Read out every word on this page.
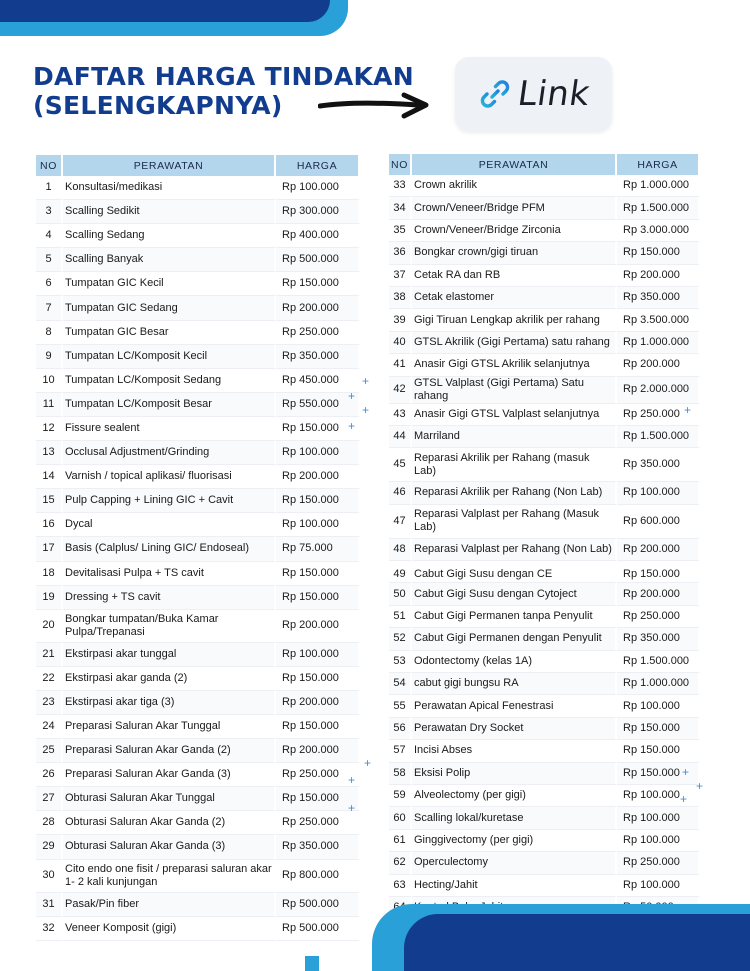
DAFTAR HARGA TINDAKAN
(SELENGKAPNYA)	Link
NO	PERAWATAN	HARGA
1	Konsultasi/medikasi	Rp 100.000
3	Scalling Sedikit	Rp 300.000
4	Scalling Sedang	Rp 400.000
5	Scalling Banyak	Rp 500.000
6	Tumpatan GIC Kecil	Rp 150.000
7	Tumpatan GIC Sedang	Rp 200.000
8	Tumpatan GIC Besar	Rp 250.000
9	Tumpatan LC/Komposit Kecil	Rp 350.000
10	Tumpatan LC/Komposit Sedang	Rp 450.000
11	Tumpatan LC/Komposit Besar	Rp 550.000
12	Fissure sealent	Rp 150.000
13	Occlusal Adjustment/Grinding	Rp 100.000
14	Varnish / topical aplikasi/ fluorisasi	Rp 200.000
15	Pulp Capping + Lining GIC + Cavit	Rp 150.000
16	Dycal	Rp 100.000
17	Basis (Calplus/ Lining GIC/ Endoseal)	Rp 75.000
18	Devitalisasi Pulpa + TS cavit	Rp 150.000
19	Dressing + TS cavit	Rp 150.000
20	Bongkar tumpatan/Buka Kamar Pulpa/Trepanasi	Rp 200.000
21	Ekstirpasi akar tunggal	Rp 100.000
22	Ekstirpasi akar ganda (2)	Rp 150.000
23	Ekstirpasi akar tiga (3)	Rp 200.000
24	Preparasi Saluran Akar Tunggal	Rp 150.000
25	Preparasi Saluran Akar Ganda (2)	Rp 200.000
26	Preparasi Saluran Akar Ganda (3)	Rp 250.000
27	Obturasi Saluran Akar Tunggal	Rp 150.000
28	Obturasi Saluran Akar Ganda (2)	Rp 250.000
29	Obturasi Saluran Akar Ganda (3)	Rp 350.000
30	Cito endo one fisit / preparasi saluran akar 1- 2 kali kunjungan	Rp 800.000
31	Pasak/Pin fiber	Rp 500.000
32	Veneer Komposit (gigi)	Rp 500.000
NO	PERAWATAN	HARGA
33	Crown akrilik	Rp 1.000.000
34	Crown/Veneer/Bridge PFM	Rp 1.500.000
35	Crown/Veneer/Bridge Zirconia	Rp 3.000.000
36	Bongkar crown/gigi tiruan	Rp 150.000
37	Cetak RA dan RB	Rp 200.000
38	Cetak elastomer	Rp 350.000
39	Gigi Tiruan Lengkap akrilik per rahang	Rp 3.500.000
40	GTSL Akrilik (Gigi Pertama) satu rahang	Rp 1.000.000
41	Anasir Gigi GTSL Akrilik selanjutnya	Rp 200.000
42	GTSL Valplast (Gigi Pertama) Satu rahang	Rp 2.000.000
43	Anasir Gigi GTSL Valplast selanjutnya	Rp 250.000
44	Marriland	Rp 1.500.000
45	Reparasi Akrilik per Rahang (masuk Lab)	Rp 350.000
46	Reparasi Akrilik per Rahang (Non Lab)	Rp 100.000
47	Reparasi Valplast per Rahang (Masuk Lab)	Rp 600.000
48	Reparasi Valplast per Rahang (Non Lab)	Rp 200.000
49	Cabut Gigi Susu dengan CE	Rp 150.000
50	Cabut Gigi Susu dengan Cytoject	Rp 200.000
51	Cabut Gigi Permanen tanpa Penyulit	Rp 250.000
52	Cabut Gigi Permanen dengan Penyulit	Rp 350.000
53	Odontectomy (kelas 1A)	Rp 1.500.000
54	cabut gigi bungsu RA	Rp 1.000.000
55	Perawatan Apical Fenestrasi	Rp 100.000
56	Perawatan Dry Socket	Rp 150.000
57	Incisi Abses	Rp 150.000
58	Eksisi Polip	Rp 150.000
59	Alveolectomy (per gigi)	Rp 100.000
60	Scalling lokal/kuretase	Rp 100.000
61	Ginggivectomy (per gigi)	Rp 100.000
62	Operculectomy	Rp 250.000
63	Hecting/Jahit	Rp 100.000

+
+
+
+
+
+
+
+
+
+
+
